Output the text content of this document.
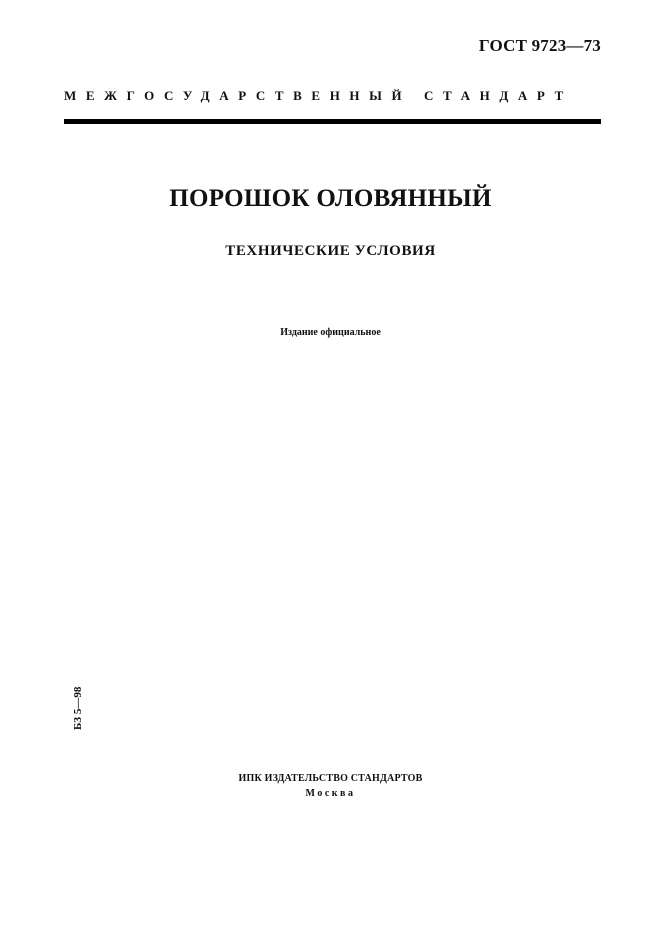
ГОСТ 9723—73
МЕЖГОСУДАРСТВЕННЫЙ СТАНДАРТ
ПОРОШОК ОЛОВЯННЫЙ
ТЕХНИЧЕСКИЕ УСЛОВИЯ
Издание официальное
БЗ 5—98
ИПК ИЗДАТЕЛЬСТВО СТАНДАРТОВ
Москва
